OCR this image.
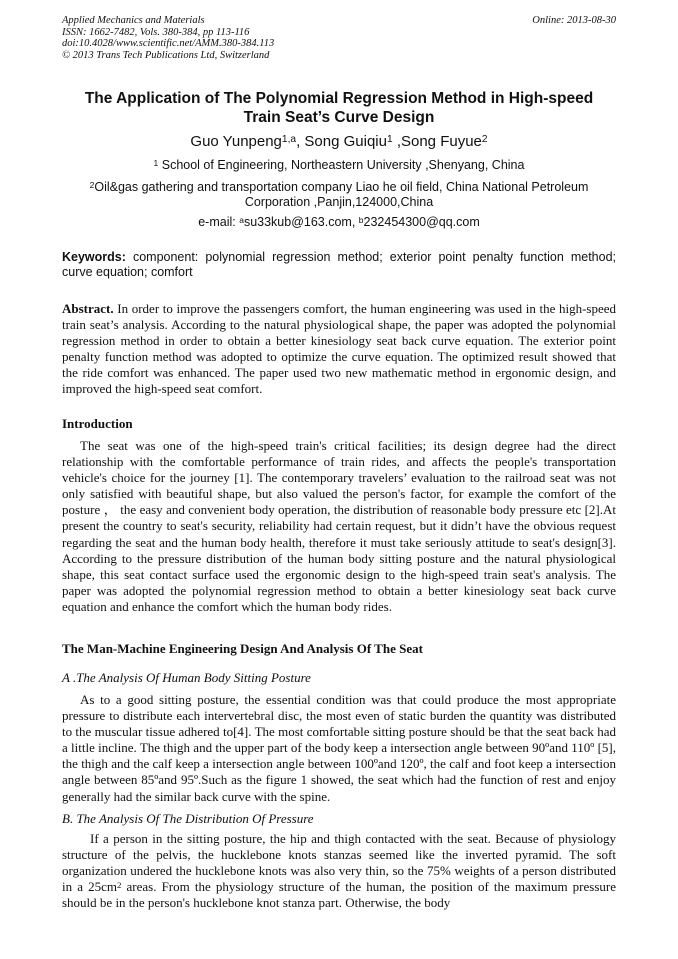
Applied Mechanics and Materials
ISSN: 1662-7482, Vols. 380-384, pp 113-116
doi:10.4028/www.scientific.net/AMM.380-384.113
© 2013 Trans Tech Publications Ltd, Switzerland
Online: 2013-08-30
The Application of The Polynomial Regression Method in High-speed
Train Seat’s Curve Design
Guo Yunpeng$^{1,a}$, Song Guiqiu$^1$ ,Song Fuyue$^2$
$^1$ School of Engineering, Northeastern University ,Shenyang, China
$^2$Oil&gas gathering and transportation company Liao he oil field, China National Petroleum
Corporation ,Panjin,124000,China
e-mail: $^a$su33kub@163.com, $^b$232454300@qq.com
Keywords: component: polynomial regression method; exterior point penalty function method; curve equation; comfort
Abstract. In order to improve the passengers comfort, the human engineering was used in the high-speed train seat’s analysis. According to the natural physiological shape, the paper was adopted the polynomial regression method in order to obtain a better kinesiology seat back curve equation. The exterior point penalty function method was adopted to optimize the curve equation. The optimized result showed that the ride comfort was enhanced. The paper used two new mathematic method in ergonomic design, and improved the high-speed seat comfort.
Introduction
The seat was one of the high-speed train's critical facilities; its design degree had the direct relationship with the comfortable performance of train rides, and affects the people's transportation vehicle's choice for the journey [1]. The contemporary travelers’ evaluation to the railroad seat was not only satisfied with beautiful shape, but also valued the person's factor, for example the comfort of the posture ， the easy and convenient body operation, the distribution of reasonable body pressure etc [2].At present the country to seat's security, reliability had certain request, but it didn’t have the obvious request regarding the seat and the human body health, therefore it must take seriously attitude to seat's design[3]. According to the pressure distribution of the human body sitting posture and the natural physiological shape, this seat contact surface used the ergonomic design to the high-speed train seat's analysis. The paper was adopted the polynomial regression method to obtain a better kinesiology seat back curve equation and enhance the comfort which the human body rides.
The Man-Machine Engineering Design And Analysis Of The Seat
A .The Analysis Of Human Body Sitting Posture
As to a good sitting posture, the essential condition was that could produce the most appropriate pressure to distribute each intervertebral disc, the most even of static burden the quantity was distributed to the muscular tissue adhered to[4]. The most comfortable sitting posture should be that the seat back had a little incline. The thigh and the upper part of the body keep a intersection angle between 90ºand 110º [5], the thigh and the calf keep a intersection angle between 100ºand 120º, the calf and foot keep a intersection angle between 85ºand 95º.Such as the figure 1 showed, the seat which had the function of rest and enjoy generally had the similar back curve with the spine.
B. The Analysis Of The Distribution Of Pressure
If a person in the sitting posture, the hip and thigh contacted with the seat. Because of physiology structure of the pelvis, the hucklebone knots stanzas seemed like the inverted pyramid. The soft organization undered the hucklebone knots was also very thin, so the 75% weights of a person distributed in a $25cm^2$ areas. From the physiology structure of the human, the position of the maximum pressure should be in the person's hucklebone knot stanza part. Otherwise, the body
